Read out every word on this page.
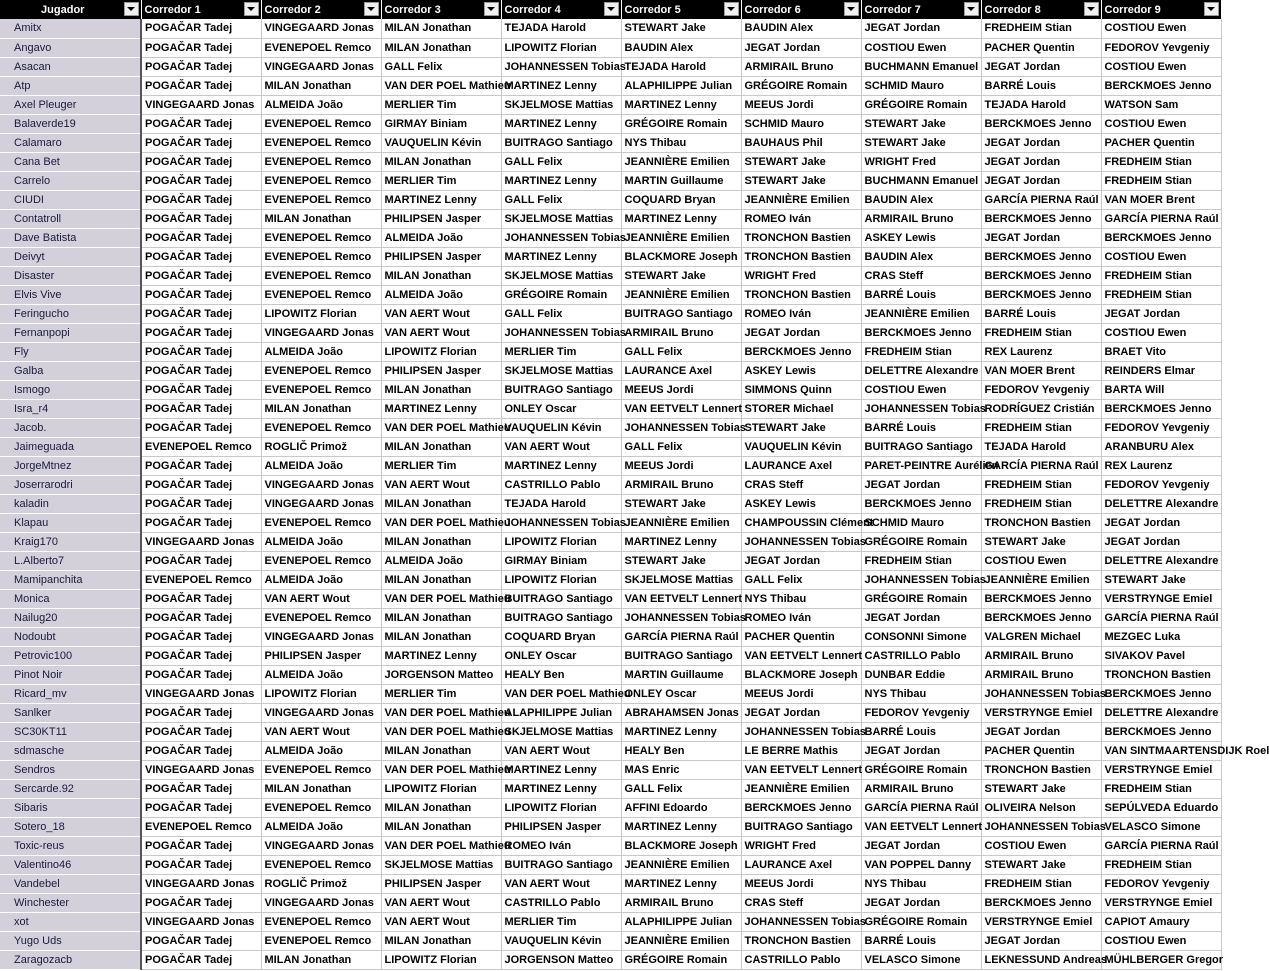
Jugador	Corredor 1	Corredor 2	Corredor 3	Corredor 4	Corredor 5	Corredor 6	Corredor 7	Corredor 8	Corredor 9

Amitx	POGAČAR Tadej	VINGEGAARD Jonas	MILAN Jonathan	TEJADA Harold	STEWART Jake	BAUDIN Alex	JEGAT Jordan	FREDHEIM Stian	COSTIOU Ewen
Angavo	POGAČAR Tadej	EVENEPOEL Remco	MILAN Jonathan	LIPOWITZ Florian	BAUDIN Alex	JEGAT Jordan	COSTIOU Ewen	PACHER Quentin	FEDOROV Yevgeniy
Asacan	POGAČAR Tadej	VINGEGAARD Jonas	GALL Felix	JOHANNESSEN Tobias	TEJADA Harold	ARMIRAIL Bruno	BUCHMANN Emanuel	JEGAT Jordan	COSTIOU Ewen
Atp	POGAČAR Tadej	MILAN Jonathan	VAN DER POEL Mathieu	MARTINEZ Lenny	ALAPHILIPPE Julian	GRÉGOIRE Romain	SCHMID Mauro	BARRÉ Louis	BERCKMOES Jenno
Axel Pleuger	VINGEGAARD Jonas	ALMEIDA João	MERLIER Tim	SKJELMOSE Mattias	MARTINEZ Lenny	MEEUS Jordi	GRÉGOIRE Romain	TEJADA Harold	WATSON Sam
Balaverde19	POGAČAR Tadej	EVENEPOEL Remco	GIRMAY Biniam	MARTINEZ Lenny	GRÉGOIRE Romain	SCHMID Mauro	STEWART Jake	BERCKMOES Jenno	COSTIOU Ewen
Calamaro	POGAČAR Tadej	EVENEPOEL Remco	VAUQUELIN Kévin	BUITRAGO Santiago	NYS Thibau	BAUHAUS Phil	STEWART Jake	JEGAT Jordan	PACHER Quentin
Cana Bet	POGAČAR Tadej	EVENEPOEL Remco	MILAN Jonathan	GALL Felix	JEANNIÈRE Emilien	STEWART Jake	WRIGHT Fred	JEGAT Jordan	FREDHEIM Stian
Carrelo	POGAČAR Tadej	EVENEPOEL Remco	MERLIER Tim	MARTINEZ Lenny	MARTIN Guillaume	STEWART Jake	BUCHMANN Emanuel	JEGAT Jordan	FREDHEIM Stian
CIUDI	POGAČAR Tadej	EVENEPOEL Remco	MARTINEZ Lenny	GALL Felix	COQUARD Bryan	JEANNIÈRE Emilien	BAUDIN Alex	GARCÍA PIERNA Raúl	VAN MOER Brent
Contatroll	POGAČAR Tadej	MILAN Jonathan	PHILIPSEN Jasper	SKJELMOSE Mattias	MARTINEZ Lenny	ROMEO Iván	ARMIRAIL Bruno	BERCKMOES Jenno	GARCÍA PIERNA Raúl
Dave Batista	POGAČAR Tadej	EVENEPOEL Remco	ALMEIDA João	JOHANNESSEN Tobias	JEANNIÈRE Emilien	TRONCHON Bastien	ASKEY Lewis	JEGAT Jordan	BERCKMOES Jenno
Deivyt	POGAČAR Tadej	EVENEPOEL Remco	PHILIPSEN Jasper	MARTINEZ Lenny	BLACKMORE Joseph	TRONCHON Bastien	BAUDIN Alex	BERCKMOES Jenno	COSTIOU Ewen
Disaster	POGAČAR Tadej	EVENEPOEL Remco	MILAN Jonathan	SKJELMOSE Mattias	STEWART Jake	WRIGHT Fred	CRAS Steff	BERCKMOES Jenno	FREDHEIM Stian
Elvis Vive	POGAČAR Tadej	EVENEPOEL Remco	ALMEIDA João	GRÉGOIRE Romain	JEANNIÈRE Emilien	TRONCHON Bastien	BARRÉ Louis	BERCKMOES Jenno	FREDHEIM Stian
Feringucho	POGAČAR Tadej	LIPOWITZ Florian	VAN AERT Wout	GALL Felix	BUITRAGO Santiago	ROMEO Iván	JEANNIÈRE Emilien	BARRÉ Louis	JEGAT Jordan
Fernanpopi	POGAČAR Tadej	VINGEGAARD Jonas	VAN AERT Wout	JOHANNESSEN Tobias	ARMIRAIL Bruno	JEGAT Jordan	BERCKMOES Jenno	FREDHEIM Stian	COSTIOU Ewen
Fly	POGAČAR Tadej	ALMEIDA João	LIPOWITZ Florian	MERLIER Tim	GALL Felix	BERCKMOES Jenno	FREDHEIM Stian	REX Laurenz	BRAET Vito
Galba	POGAČAR Tadej	EVENEPOEL Remco	PHILIPSEN Jasper	SKJELMOSE Mattias	LAURANCE Axel	ASKEY Lewis	DELETTRE Alexandre	VAN MOER Brent	REINDERS Elmar
Ismogo	POGAČAR Tadej	EVENEPOEL Remco	MILAN Jonathan	BUITRAGO Santiago	MEEUS Jordi	SIMMONS Quinn	COSTIOU Ewen	FEDOROV Yevgeniy	BARTA Will
Isra_r4	POGAČAR Tadej	MILAN Jonathan	MARTINEZ Lenny	ONLEY Oscar	VAN EETVELT Lennert	STORER Michael	JOHANNESSEN Tobias	RODRÍGUEZ Cristián	BERCKMOES Jenno
Jacob.	POGAČAR Tadej	EVENEPOEL Remco	VAN DER POEL Mathieu	VAUQUELIN Kévin	JOHANNESSEN Tobias	STEWART Jake	BARRÉ Louis	FREDHEIM Stian	FEDOROV Yevgeniy
Jaimeguada	EVENEPOEL Remco	ROGLIČ Primož	MILAN Jonathan	VAN AERT Wout	GALL Felix	VAUQUELIN Kévin	BUITRAGO Santiago	TEJADA Harold	ARANBURU Alex
JorgeMtnez	POGAČAR Tadej	ALMEIDA João	MERLIER Tim	MARTINEZ Lenny	MEEUS Jordi	LAURANCE Axel	PARET-PEINTRE Aurélien	GARCÍA PIERNA Raúl	REX Laurenz
Joserrarodri	POGAČAR Tadej	VINGEGAARD Jonas	VAN AERT Wout	CASTRILLO Pablo	ARMIRAIL Bruno	CRAS Steff	JEGAT Jordan	FREDHEIM Stian	FEDOROV Yevgeniy
kaladin	POGAČAR Tadej	VINGEGAARD Jonas	MILAN Jonathan	TEJADA Harold	STEWART Jake	ASKEY Lewis	BERCKMOES Jenno	FREDHEIM Stian	DELETTRE Alexandre
Klapau	POGAČAR Tadej	EVENEPOEL Remco	VAN DER POEL Mathieu	JOHANNESSEN Tobias	JEANNIÈRE Emilien	CHAMPOUSSIN Clément	SCHMID Mauro	TRONCHON Bastien	JEGAT Jordan
Kraig170	VINGEGAARD Jonas	ALMEIDA João	MILAN Jonathan	LIPOWITZ Florian	MARTINEZ Lenny	JOHANNESSEN Tobias	GRÉGOIRE Romain	STEWART Jake	JEGAT Jordan
L.Alberto7	POGAČAR Tadej	EVENEPOEL Remco	ALMEIDA João	GIRMAY Biniam	STEWART Jake	JEGAT Jordan	FREDHEIM Stian	COSTIOU Ewen	DELETTRE Alexandre
Mamipanchita	EVENEPOEL Remco	ALMEIDA João	MILAN Jonathan	LIPOWITZ Florian	SKJELMOSE Mattias	GALL Felix	JOHANNESSEN Tobias	JEANNIÈRE Emilien	STEWART Jake
Monica	POGAČAR Tadej	VAN AERT Wout	VAN DER POEL Mathieu	BUITRAGO Santiago	VAN EETVELT Lennert	NYS Thibau	GRÉGOIRE Romain	BERCKMOES Jenno	VERSTRYNGE Emiel
Nailug20	POGAČAR Tadej	EVENEPOEL Remco	MILAN Jonathan	BUITRAGO Santiago	JOHANNESSEN Tobias	ROMEO Iván	JEGAT Jordan	BERCKMOES Jenno	GARCÍA PIERNA Raúl
Nodoubt	POGAČAR Tadej	VINGEGAARD Jonas	MILAN Jonathan	COQUARD Bryan	GARCÍA PIERNA Raúl	PACHER Quentin	CONSONNI Simone	VALGREN Michael	MEZGEC Luka
Petrovic100	POGAČAR Tadej	PHILIPSEN Jasper	MARTINEZ Lenny	ONLEY Oscar	BUITRAGO Santiago	VAN EETVELT Lennert	CASTRILLO Pablo	ARMIRAIL Bruno	SIVAKOV Pavel
Pinot Noir	POGAČAR Tadej	ALMEIDA João	JORGENSON Matteo	HEALY Ben	MARTIN Guillaume	BLACKMORE Joseph	DUNBAR Eddie	ARMIRAIL Bruno	TRONCHON Bastien
Ricard_mv	VINGEGAARD Jonas	LIPOWITZ Florian	MERLIER Tim	VAN DER POEL Mathieu	ONLEY Oscar	MEEUS Jordi	NYS Thibau	JOHANNESSEN Tobias	BERCKMOES Jenno
Sanlker	POGAČAR Tadej	VINGEGAARD Jonas	VAN DER POEL Mathieu	ALAPHILIPPE Julian	ABRAHAMSEN Jonas	JEGAT Jordan	FEDOROV Yevgeniy	VERSTRYNGE Emiel	DELETTRE Alexandre
SC30KT11	POGAČAR Tadej	VAN AERT Wout	VAN DER POEL Mathieu	SKJELMOSE Mattias	MARTINEZ Lenny	JOHANNESSEN Tobias	BARRÉ Louis	JEGAT Jordan	BERCKMOES Jenno
sdmasche	POGAČAR Tadej	ALMEIDA João	MILAN Jonathan	VAN AERT Wout	HEALY Ben	LE BERRE Mathis	JEGAT Jordan	PACHER Quentin	VAN SINTMAARTENSDIJK Roel
Sendros	VINGEGAARD Jonas	EVENEPOEL Remco	VAN DER POEL Mathieu	MARTINEZ Lenny	MAS Enric	VAN EETVELT Lennert	GRÉGOIRE Romain	TRONCHON Bastien	VERSTRYNGE Emiel
Sercarde.92	POGAČAR Tadej	MILAN Jonathan	LIPOWITZ Florian	MARTINEZ Lenny	GALL Felix	JEANNIÈRE Emilien	ARMIRAIL Bruno	STEWART Jake	FREDHEIM Stian
Sibaris	POGAČAR Tadej	EVENEPOEL Remco	MILAN Jonathan	LIPOWITZ Florian	AFFINI Edoardo	BERCKMOES Jenno	GARCÍA PIERNA Raúl	OLIVEIRA Nelson	SEPÚLVEDA Eduardo
Sotero_18	EVENEPOEL Remco	ALMEIDA João	MILAN Jonathan	PHILIPSEN Jasper	MARTINEZ Lenny	BUITRAGO Santiago	VAN EETVELT Lennert	JOHANNESSEN Tobias	VELASCO Simone
Toxic-reus	POGAČAR Tadej	VINGEGAARD Jonas	VAN DER POEL Mathieu	ROMEO Iván	BLACKMORE Joseph	WRIGHT Fred	JEGAT Jordan	COSTIOU Ewen	GARCÍA PIERNA Raúl
Valentino46	POGAČAR Tadej	EVENEPOEL Remco	SKJELMOSE Mattias	BUITRAGO Santiago	JEANNIÈRE Emilien	LAURANCE Axel	VAN POPPEL Danny	STEWART Jake	FREDHEIM Stian
Vandebel	VINGEGAARD Jonas	ROGLIČ Primož	PHILIPSEN Jasper	VAN AERT Wout	MARTINEZ Lenny	MEEUS Jordi	NYS Thibau	FREDHEIM Stian	FEDOROV Yevgeniy
Winchester	POGAČAR Tadej	VINGEGAARD Jonas	VAN AERT Wout	CASTRILLO Pablo	ARMIRAIL Bruno	CRAS Steff	JEGAT Jordan	BERCKMOES Jenno	VERSTRYNGE Emiel
xot	VINGEGAARD Jonas	EVENEPOEL Remco	VAN AERT Wout	MERLIER Tim	ALAPHILIPPE Julian	JOHANNESSEN Tobias	GRÉGOIRE Romain	VERSTRYNGE Emiel	CAPIOT Amaury
Yugo Uds	POGAČAR Tadej	EVENEPOEL Remco	MILAN Jonathan	VAUQUELIN Kévin	JEANNIÈRE Emilien	TRONCHON Bastien	BARRÉ Louis	JEGAT Jordan	COSTIOU Ewen
Zaragozacb	POGAČAR Tadej	MILAN Jonathan	LIPOWITZ Florian	JORGENSON Matteo	GRÉGOIRE Romain	CASTRILLO Pablo	VELASCO Simone	LEKNESSUND Andreas	MÜHLBERGER Gregor
